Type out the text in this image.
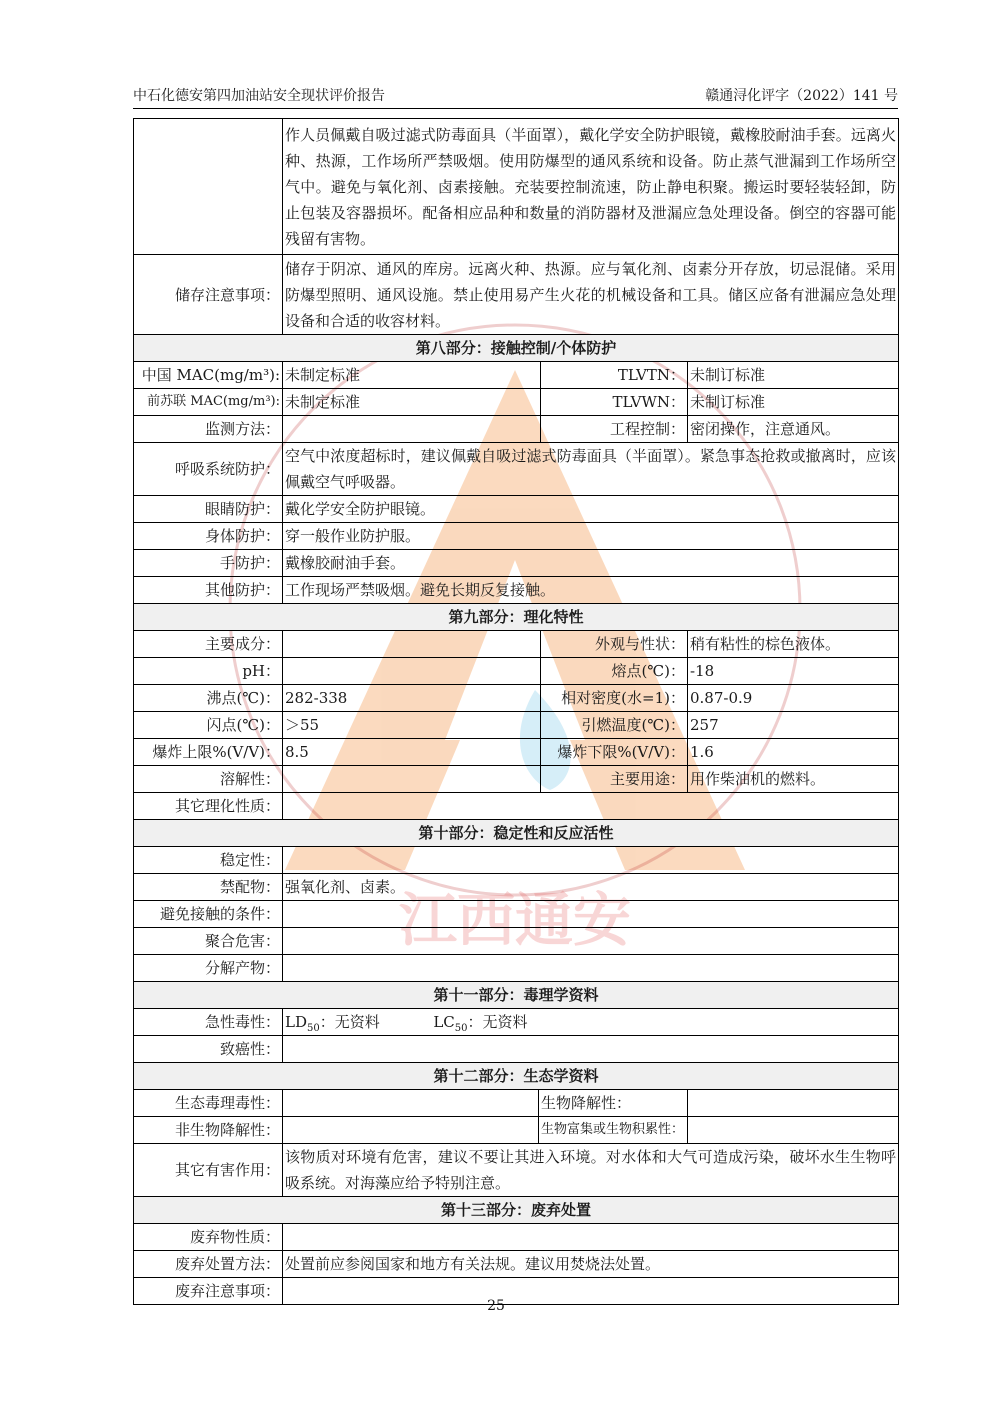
中石化德安第四加油站安全现状评价报告	赣通浔化评字（2022）141 号
江西通安
	作人员佩戴自吸过滤式防毒面具（半面罩），戴化学安全防护眼镜，戴橡胶耐油手套。远离火种、热源，工作场所严禁吸烟。使用防爆型的通风系统和设备。防止蒸气泄漏到工作场所空气中。避免与氧化剂、卤素接触。充装要控制流速，防止静电积聚。搬运时要轻装轻卸，防止包装及容器损坏。配备相应品种和数量的消防器材及泄漏应急处理设备。倒空的容器可能残留有害物。			
储存注意事项：	储存于阴凉、通风的库房。远离火种、热源。应与氧化剂、卤素分开存放，切忌混储。采用防爆型照明、通风设施。禁止使用易产生火花的机械设备和工具。储区应备有泄漏应急处理设备和合适的收容材料。			
第八部分：接触控制/个体防护				
中国 MAC(mg/m³):	未制定标准		TLVTN：	未制订标准
前苏联 MAC(mg/m³):	未制定标准		TLVWN：	未制订标准
监测方法：			工程控制：	密闭操作，注意通风。
呼吸系统防护：	空气中浓度超标时，建议佩戴自吸过滤式防毒面具（半面罩）。紧急事态抢救或撤离时，应该佩戴空气呼吸器。			
眼睛防护：	戴化学安全防护眼镜。			
身体防护：	穿一般作业防护服。			
手防护：	戴橡胶耐油手套。			
其他防护：	工作现场严禁吸烟。避免长期反复接触。			
第九部分：理化特性				
主要成分：			外观与性状：	稍有粘性的棕色液体。
pH：			熔点(℃)：	-18
沸点(℃)：	282-338		相对密度(水=1)：	0.87-0.9
闪点(℃)：	＞55		引燃温度(℃)：	257
爆炸上限%(V/V)：	8.5		爆炸下限%(V/V)：	1.6
溶解性：			主要用途：	用作柴油机的燃料。
其它理化性质：				
第十部分：稳定性和反应活性				
稳定性：				
禁配物：	强氧化剂、卤素。			
避免接触的条件：				
聚合危害：				
分解产物：				
第十一部分：毒理学资料				
急性毒性：	$LD_{50}$：无资料 $LC_{50}$：无资料			
致癌性：				
第十二部分：生态学资料				
生态毒理毒性：		生物降解性：		
非生物降解性：		生物富集或生物积累性：		
其它有害作用：	该物质对环境有危害，建议不要让其进入环境。对水体和大气可造成污染，破坏水生生物呼吸系统。对海藻应给予特别注意。			
第十三部分：废弃处置				
废弃物性质：				
废弃处置方法：	处置前应参阅国家和地方有关法规。建议用焚烧法处置。			
废弃注意事项：				
25
